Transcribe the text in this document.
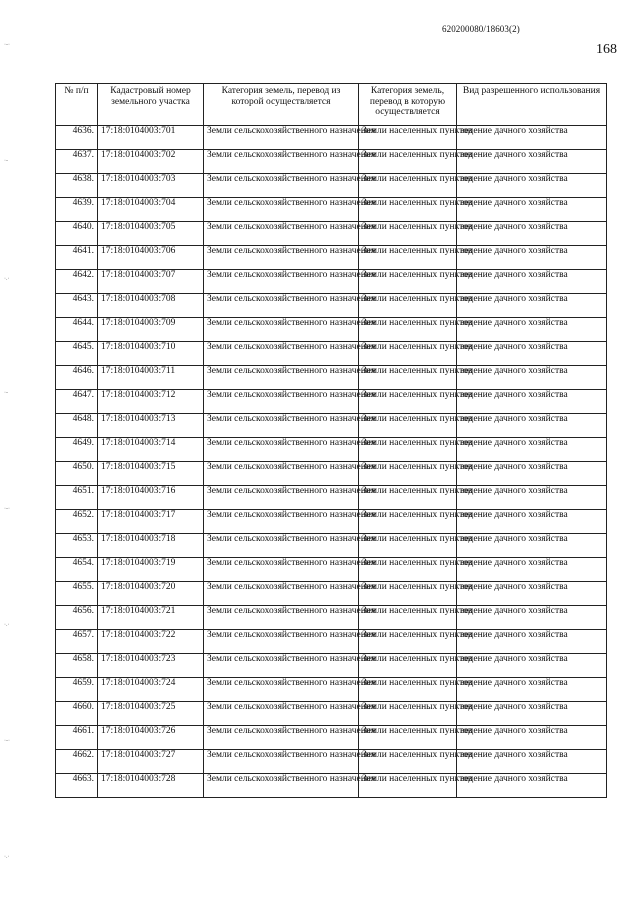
620200080/18603(2)
168
·-·
·-
·.·
·-
·-·
·.·
·-·
·.·
№ п/п	Кадастровый номер земельного участка	Категория земель, перевод из которой осуществляется	Категория земель, перевод в которую осуществляется	Вид разрешенного использования
4636.	17:18:0104003:701	Земли сельскохозяйственного назначения	Земли населенных пунктов	ведение дачного хозяйства
4637.	17:18:0104003:702	Земли сельскохозяйственного назначения	Земли населенных пунктов	ведение дачного хозяйства
4638.	17:18:0104003:703	Земли сельскохозяйственного назначения	Земли населенных пунктов	ведение дачного хозяйства
4639.	17:18:0104003:704	Земли сельскохозяйственного назначения	Земли населенных пунктов	ведение дачного хозяйства
4640.	17:18:0104003:705	Земли сельскохозяйственного назначения	Земли населенных пунктов	ведение дачного хозяйства
4641.	17:18:0104003:706	Земли сельскохозяйственного назначения	Земли населенных пунктов	ведение дачного хозяйства
4642.	17:18:0104003:707	Земли сельскохозяйственного назначения	Земли населенных пунктов	ведение дачного хозяйства
4643.	17:18:0104003:708	Земли сельскохозяйственного назначения	Земли населенных пунктов	ведение дачного хозяйства
4644.	17:18:0104003:709	Земли сельскохозяйственного назначения	Земли населенных пунктов	ведение дачного хозяйства
4645.	17:18:0104003:710	Земли сельскохозяйственного назначения	Земли населенных пунктов	ведение дачного хозяйства
4646.	17:18:0104003:711	Земли сельскохозяйственного назначения	Земли населенных пунктов	ведение дачного хозяйства
4647.	17:18:0104003:712	Земли сельскохозяйственного назначения	Земли населенных пунктов	ведение дачного хозяйства
4648.	17:18:0104003:713	Земли сельскохозяйственного назначения	Земли населенных пунктов	ведение дачного хозяйства
4649.	17:18:0104003:714	Земли сельскохозяйственного назначения	Земли населенных пунктов	ведение дачного хозяйства
4650.	17:18:0104003:715	Земли сельскохозяйственного назначения	Земли населенных пунктов	ведение дачного хозяйства
4651.	17:18:0104003:716	Земли сельскохозяйственного назначения	Земли населенных пунктов	ведение дачного хозяйства
4652.	17:18:0104003:717	Земли сельскохозяйственного назначения	Земли населенных пунктов	ведение дачного хозяйства
4653.	17:18:0104003:718	Земли сельскохозяйственного назначения	Земли населенных пунктов	ведение дачного хозяйства
4654.	17:18:0104003:719	Земли сельскохозяйственного назначения	Земли населенных пунктов	ведение дачного хозяйства
4655.	17:18:0104003:720	Земли сельскохозяйственного назначения	Земли населенных пунктов	ведение дачного хозяйства
4656.	17:18:0104003:721	Земли сельскохозяйственного назначения	Земли населенных пунктов	ведение дачного хозяйства
4657.	17:18:0104003:722	Земли сельскохозяйственного назначения	Земли населенных пунктов	ведение дачного хозяйства
4658.	17:18:0104003:723	Земли сельскохозяйственного назначения	Земли населенных пунктов	ведение дачного хозяйства
4659.	17:18:0104003:724	Земли сельскохозяйственного назначения	Земли населенных пунктов	ведение дачного хозяйства
4660.	17:18:0104003:725	Земли сельскохозяйственного назначения	Земли населенных пунктов	ведение дачного хозяйства
4661.	17:18:0104003:726	Земли сельскохозяйственного назначения	Земли населенных пунктов	ведение дачного хозяйства
4662.	17:18:0104003:727	Земли сельскохозяйственного назначения	Земли населенных пунктов	ведение дачного хозяйства
4663.	17:18:0104003:728	Земли сельскохозяйственного назначения	Земли населенных пунктов	ведение дачного хозяйства
